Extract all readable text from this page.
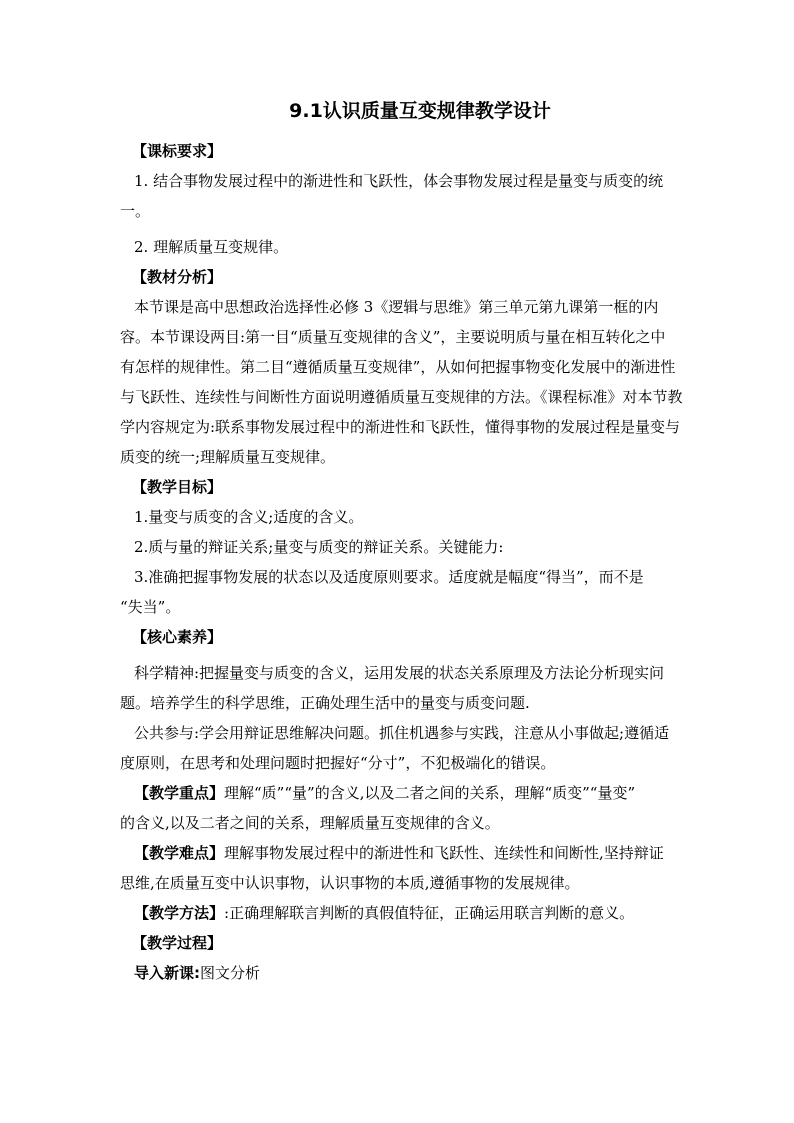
9.1认识质量互变规律教学设计

【课标要求】

1. 结合事物发展过程中的渐进性和飞跃性，体会事物发展过程是量变与质变的统

一。

2. 理解质量互变规律。

【教材分析】

本节课是高中思想政治选择性必修 3《逻辑与思维》第三单元第九课第一框的内

容。本节课设两目:第一目“质量互变规律的含义”，主要说明质与量在相互转化之中

有怎样的规律性。第二目“遵循质量互变规律”，从如何把握事物变化发展中的渐进性

与飞跃性、连续性与间断性方面说明遵循质量互变规律的方法。《课程标准》对本节教

学内容规定为:联系事物发展过程中的渐进性和飞跃性，懂得事物的发展过程是量变与

质变的统一;理解质量互变规律。

【教学目标】

1.量变与质变的含义;适度的含义。

2.质与量的辩证关系;量变与质变的辩证关系。关键能力:

3.准确把握事物发展的状态以及适度原则要求。适度就是幅度“得当”，而不是

“失当”。

【核心素养】

科学精神:把握量变与质变的含义，运用发展的状态关系原理及方法论分析现实问

题。培养学生的科学思维，正确处理生活中的量变与质变问题.

公共参与:学会用辩证思维解决问题。抓住机遇参与实践，注意从小事做起;遵循适

度原则，在思考和处理问题时把握好“分寸”，不犯极端化的错误。

【教学重点】理解“质”“量”的含义,以及二者之间的关系，理解“质变”“量变”

的含义,以及二者之间的关系，理解质量互变规律的含义。

【教学难点】理解事物发展过程中的渐进性和飞跃性、连续性和间断性,坚持辩证

思维,在质量互变中认识事物，认识事物的本质,遵循事物的发展规律。

【教学方法】:正确理解联言判断的真假值特征，正确运用联言判断的意义。

【教学过程】

导入新课:图文分析
